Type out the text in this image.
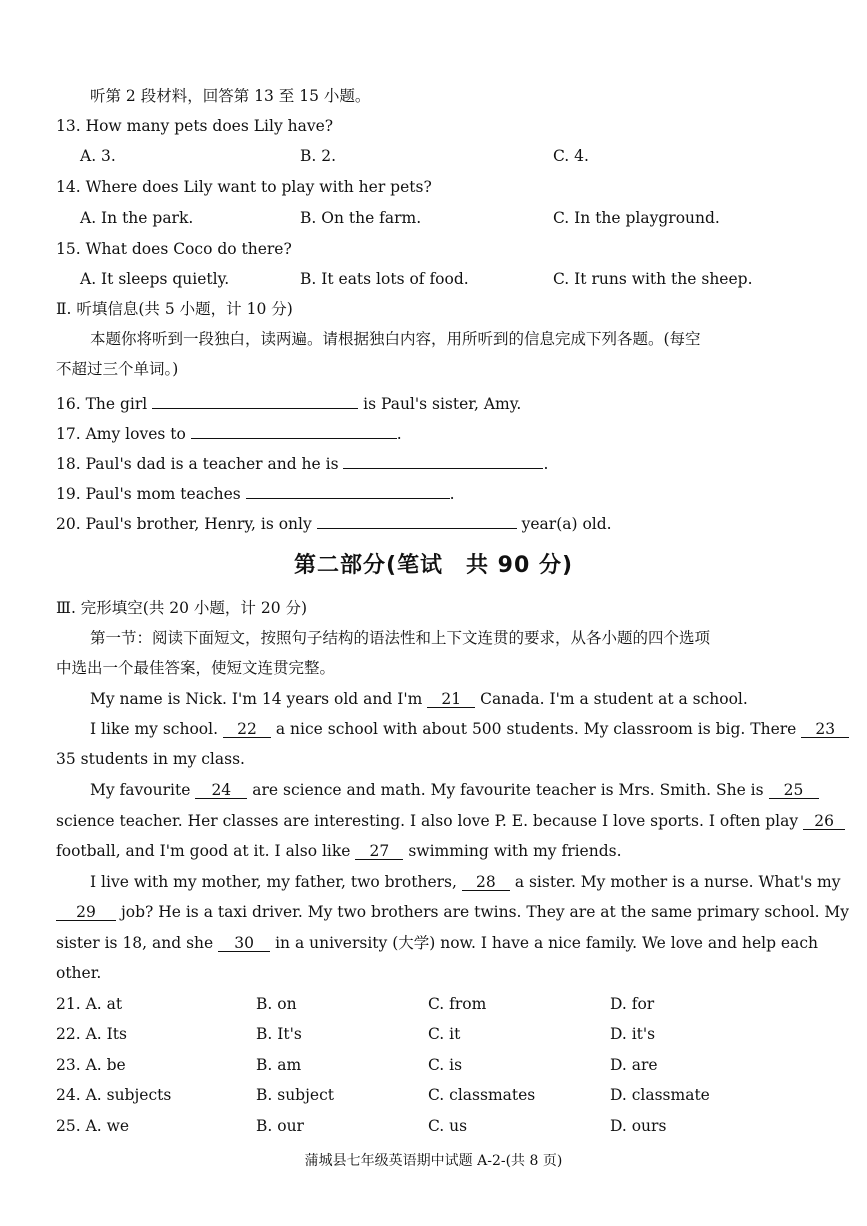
听第 2 段材料，回答第 13 至 15 小题。
13. How many pets does Lily have?
A. 3.	B. 2.	C. 4.
14. Where does Lily want to play with her pets?
A. In the park.	B. On the farm.	C. In the playground.
15. What does Coco do there?
A. It sleeps quietly.	B. It eats lots of food.	C. It runs with the sheep.
Ⅱ. 听填信息(共 5 小题，计 10 分)
本题你将听到一段独白，读两遍。请根据独白内容，用所听到的信息完成下列各题。(每空
不超过三个单词。)
16. The girl	is Paul's sister, Amy.
17. Amy loves to	.
18. Paul's dad is a teacher and he is	.
19. Paul's mom teaches	.
20. Paul's brother, Henry, is only	year(a) old.
第二部分(笔试　共 90 分)
Ⅲ. 完形填空(共 20 小题，计 20 分)
第一节：阅读下面短文，按照句子结构的语法性和上下文连贯的要求，从各小题的四个选项
中选出一个最佳答案，使短文连贯完整。
My name is Nick. I'm 14 years old and I'm 21 Canada. I'm a student at a school.
I like my school. 22 a nice school with about 500 students. My classroom is big. There 23
35 students in my class.
My favourite 24 are science and math. My favourite teacher is Mrs. Smith. She is 25
science teacher. Her classes are interesting. I also love P. E. because I love sports. I often play 26
football, and I'm good at it. I also like 27 swimming with my friends.
I live with my mother, my father, two brothers, 28 a sister. My mother is a nurse. What's my
29 job? He is a taxi driver. My two brothers are twins. They are at the same primary school. My
sister is 18, and she 30 in a university (大学) now. I have a nice family. We love and help each
other.
21. A. at	B. on	C. from	D. for
22. A. Its	B. It's	C. it	D. it's
23. A. be	B. am	C. is	D. are
24. A. subjects	B. subject	C. classmates	D. classmate
25. A. we	B. our	C. us	D. ours
蒲城县七年级英语期中试题 A-2-(共 8 页)
